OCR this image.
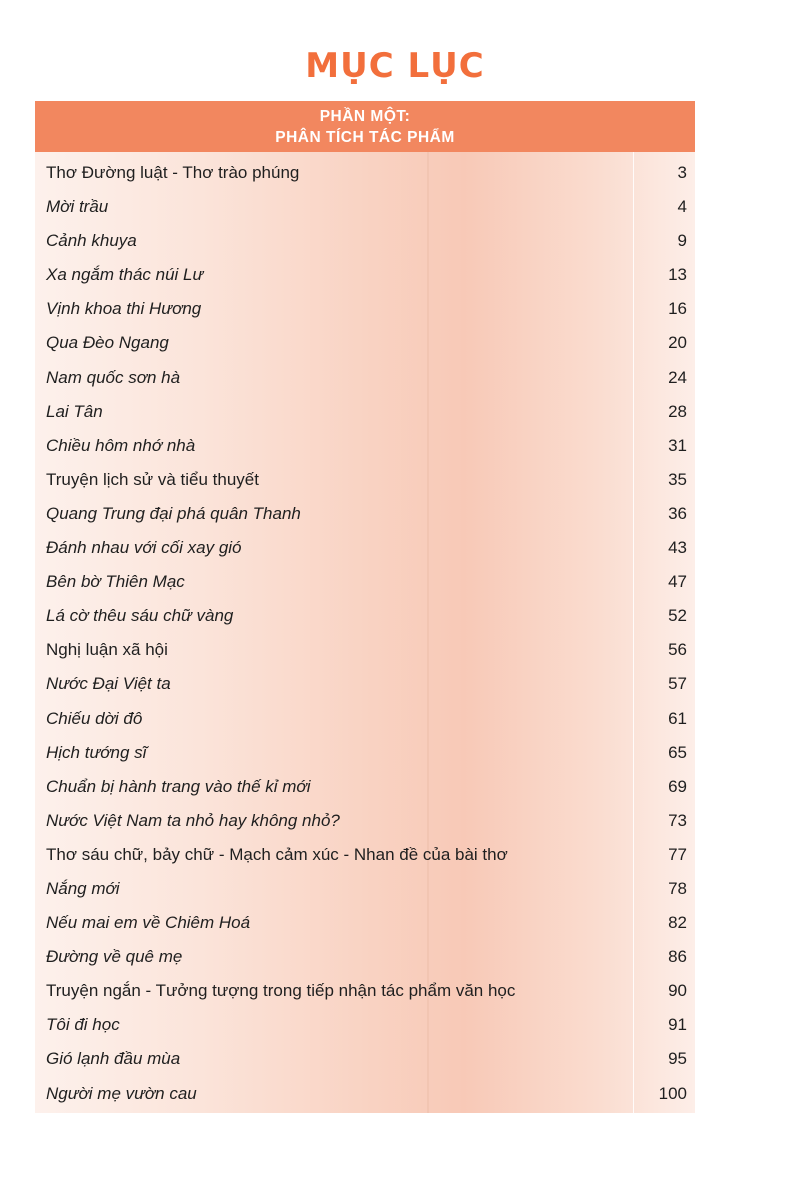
MỤC LỤC
PHẦN MỘT:
PHÂN TÍCH TÁC PHẨM
Thơ Đường luật - Thơ trào phúng	3
Mời trầu	4
Cảnh khuya	9
Xa ngắm thác núi Lư	13
Vịnh khoa thi Hương	16
Qua Đèo Ngang	20
Nam quốc sơn hà	24
Lai Tân	28
Chiều hôm nhớ nhà	31
Truyện lịch sử và tiểu thuyết	35
Quang Trung đại phá quân Thanh	36
Đánh nhau với cối xay gió	43
Bên bờ Thiên Mạc	47
Lá cờ thêu sáu chữ vàng	52
Nghị luận xã hội	56
Nước Đại Việt ta	57
Chiếu dời đô	61
Hịch tướng sĩ	65
Chuẩn bị hành trang vào thế kỉ mới	69
Nước Việt Nam ta nhỏ hay không nhỏ?	73
Thơ sáu chữ, bảy chữ - Mạch cảm xúc - Nhan đề của bài thơ	77
Nắng mới	78
Nếu mai em về Chiêm Hoá	82
Đường về quê mẹ	86
Truyện ngắn - Tưởng tượng trong tiếp nhận tác phẩm văn học	90
Tôi đi học	91
Gió lạnh đầu mùa	95
Người mẹ vườn cau	100
